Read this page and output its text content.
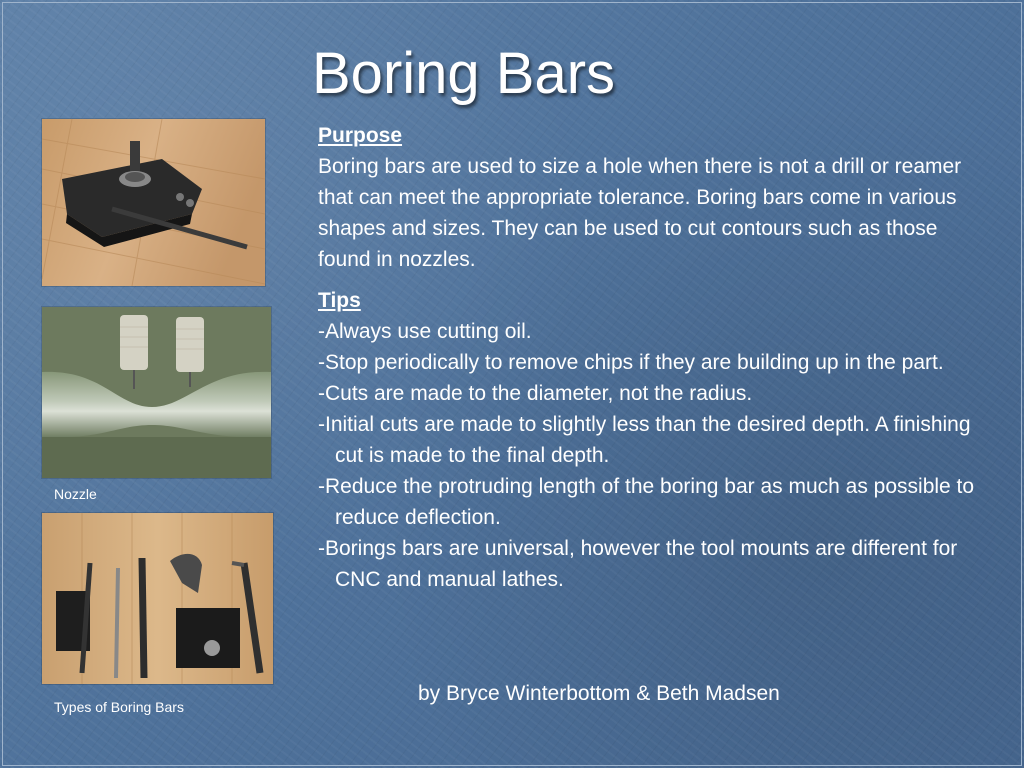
Boring Bars
Nozzle
Types of Boring Bars
Purpose

Boring bars are used to size a hole when there is not a drill or reamer that can meet the appropriate tolerance. Boring bars come in various shapes and sizes. They can be used to cut contours such as those found in nozzles.

Tips
-Always use cutting oil.
-Stop periodically to remove chips if they are building up in the part.
-Cuts are made to the diameter, not the radius.
-Initial cuts are made to slightly less than the desired depth. A finishing cut is made to the final depth.
-Reduce the protruding length of the boring bar as much as possible to reduce deflection.
-Borings bars are universal, however the tool mounts are different for CNC and manual lathes.
by Bryce Winterbottom & Beth Madsen
